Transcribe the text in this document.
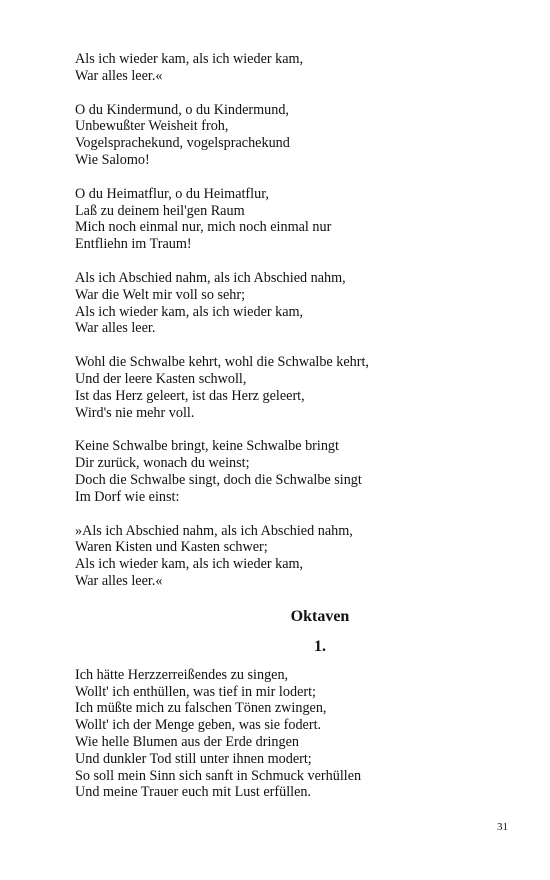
Als ich wieder kam, als ich wieder kam,
War alles leer.«
O du Kindermund, o du Kindermund,
Unbewußter Weisheit froh,
Vogelsprachekund, vogelsprachekund
Wie Salomo!
O du Heimatflur, o du Heimatflur,
Laß zu deinem heil'gen Raum
Mich noch einmal nur, mich noch einmal nur
Entfliehn im Traum!
Als ich Abschied nahm, als ich Abschied nahm,
War die Welt mir voll so sehr;
Als ich wieder kam, als ich wieder kam,
War alles leer.
Wohl die Schwalbe kehrt, wohl die Schwalbe kehrt,
Und der leere Kasten schwoll,
Ist das Herz geleert, ist das Herz geleert,
Wird's nie mehr voll.
Keine Schwalbe bringt, keine Schwalbe bringt
Dir zurück, wonach du weinst;
Doch die Schwalbe singt, doch die Schwalbe singt
Im Dorf wie einst:
»Als ich Abschied nahm, als ich Abschied nahm,
Waren Kisten und Kasten schwer;
Als ich wieder kam, als ich wieder kam,
War alles leer.«
Oktaven
1.
Ich hätte Herzzerreißendes zu singen,
Wollt' ich enthüllen, was tief in mir lodert;
Ich müßte mich zu falschen Tönen zwingen,
Wollt' ich der Menge geben, was sie fodert.
Wie helle Blumen aus der Erde dringen
Und dunkler Tod still unter ihnen modert;
So soll mein Sinn sich sanft in Schmuck verhüllen
Und meine Trauer euch mit Lust erfüllen.
31
